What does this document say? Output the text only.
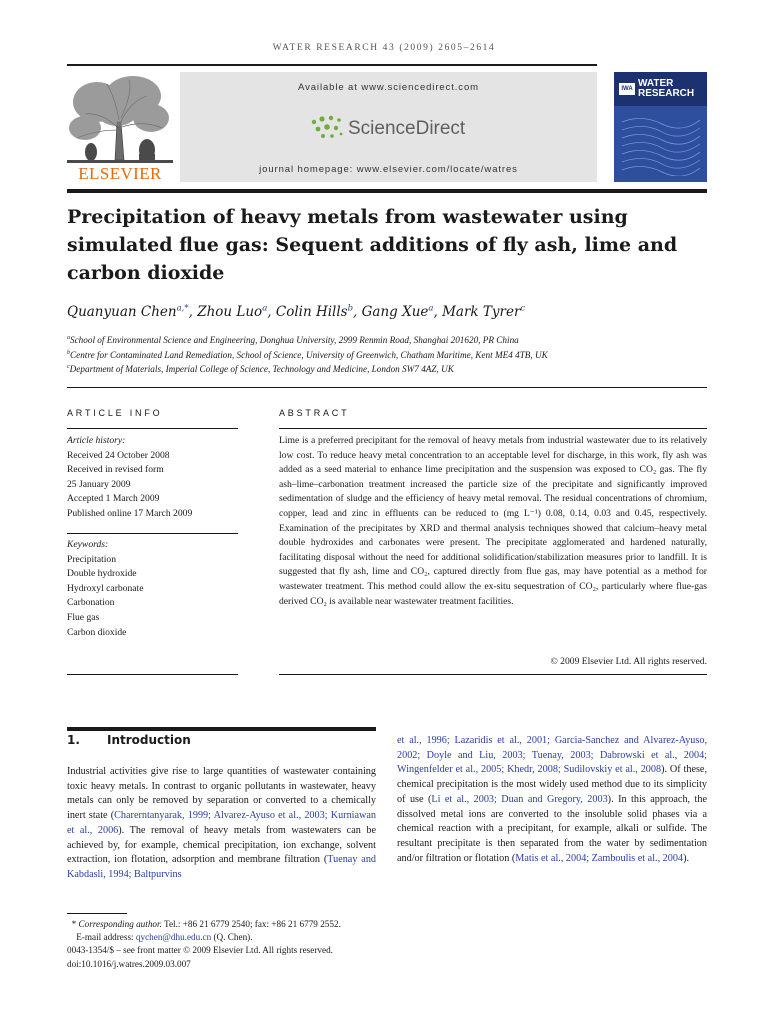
WATER RESEARCH 43 (2009) 2605–2614
ELSEVIER
Available at www.sciencedirect.com
ScienceDirect
journal homepage: www.elsevier.com/locate/watres
IWA WATER RESEARCH
Precipitation of heavy metals from wastewater using simulated flue gas: Sequent additions of fly ash, lime and carbon dioxide
Quanyuan Chen$^{a,*}$, Zhou Luo$^a$, Colin Hills$^b$, Gang Xue$^a$, Mark Tyrer$^c$
$^a$School of Environmental Science and Engineering, Donghua University, 2999 Renmin Road, Shanghai 201620, PR China
$^b$Centre for Contaminated Land Remediation, School of Science, University of Greenwich, Chatham Maritime, Kent ME4 4TB, UK
$^c$Department of Materials, Imperial College of Science, Technology and Medicine, London SW7 4AZ, UK
ARTICLE INFO
Article history:
Received 24 October 2008
Received in revised form
25 January 2009
Accepted 1 March 2009
Published online 17 March 2009
Keywords:
Precipitation
Double hydroxide
Hydroxyl carbonate
Carbonation
Flue gas
Carbon dioxide
ABSTRACT

Lime is a preferred precipitant for the removal of heavy metals from industrial wastewater due to its relatively low cost. To reduce heavy metal concentration to an acceptable level for discharge, in this work, fly ash was added as a seed material to enhance lime precipitation and the suspension was exposed to CO₂ gas. The fly ash–lime–carbonation treatment increased the particle size of the precipitate and significantly improved sedimentation of sludge and the efficiency of heavy metal removal. The residual concentrations of chromium, copper, lead and zinc in effluents can be reduced to (mg L⁻¹) 0.08, 0.14, 0.03 and 0.45, respectively. Examination of the precipitates by XRD and thermal analysis techniques showed that calcium–heavy metal double hydroxides and carbonates were present. The precipitate agglomerated and hardened naturally, facilitating disposal without the need for additional solidification/stabilization measures prior to landfill. It is suggested that fly ash, lime and CO₂, captured directly from flue gas, may have potential as a method for wastewater treatment. This method could allow the ex-situ sequestration of CO₂, particularly where flue-gas derived CO₂ is available near wastewater treatment facilities.

© 2009 Elsevier Ltd. All rights reserved.
1. Introduction

Industrial activities give rise to large quantities of wastewater containing toxic heavy metals. In contrast to organic pollutants in wastewater, heavy metals can only be removed by separation or converted to a chemically inert state (Charerntanyarak, 1999; Alvarez-Ayuso et al., 2003; Kurniawan et al., 2006). The removal of heavy metals from wastewaters can be achieved by, for example, chemical precipitation, ion exchange, solvent extraction, ion flotation, adsorption and membrane filtration (Tuenay and Kabdasli, 1994; Baltpurvins

et al., 1996; Lazaridis et al., 2001; Garcia-Sanchez and Alvarez-Ayuso, 2002; Doyle and Liu, 2003; Tuenay, 2003; Dabrowski et al., 2004; Wingenfelder et al., 2005; Khedr, 2008; Sudilovskiy et al., 2008). Of these, chemical precipitation is the most widely used method due to its simplicity of use (Li et al., 2003; Duan and Gregory, 2003). In this approach, the dissolved metal ions are converted to the insoluble solid phases via a chemical reaction with a precipitant, for example, alkali or sulfide. The resultant precipitate is then separated from the water by sedimentation and/or filtration or flotation (Matis et al., 2004; Zamboulis et al., 2004).

* Corresponding author. Tel.: +86 21 6779 2540; fax: +86 21 6779 2552.
E-mail address: qychen@dhu.edu.cn (Q. Chen).
0043-1354/$ – see front matter © 2009 Elsevier Ltd. All rights reserved.
doi:10.1016/j.watres.2009.03.007
